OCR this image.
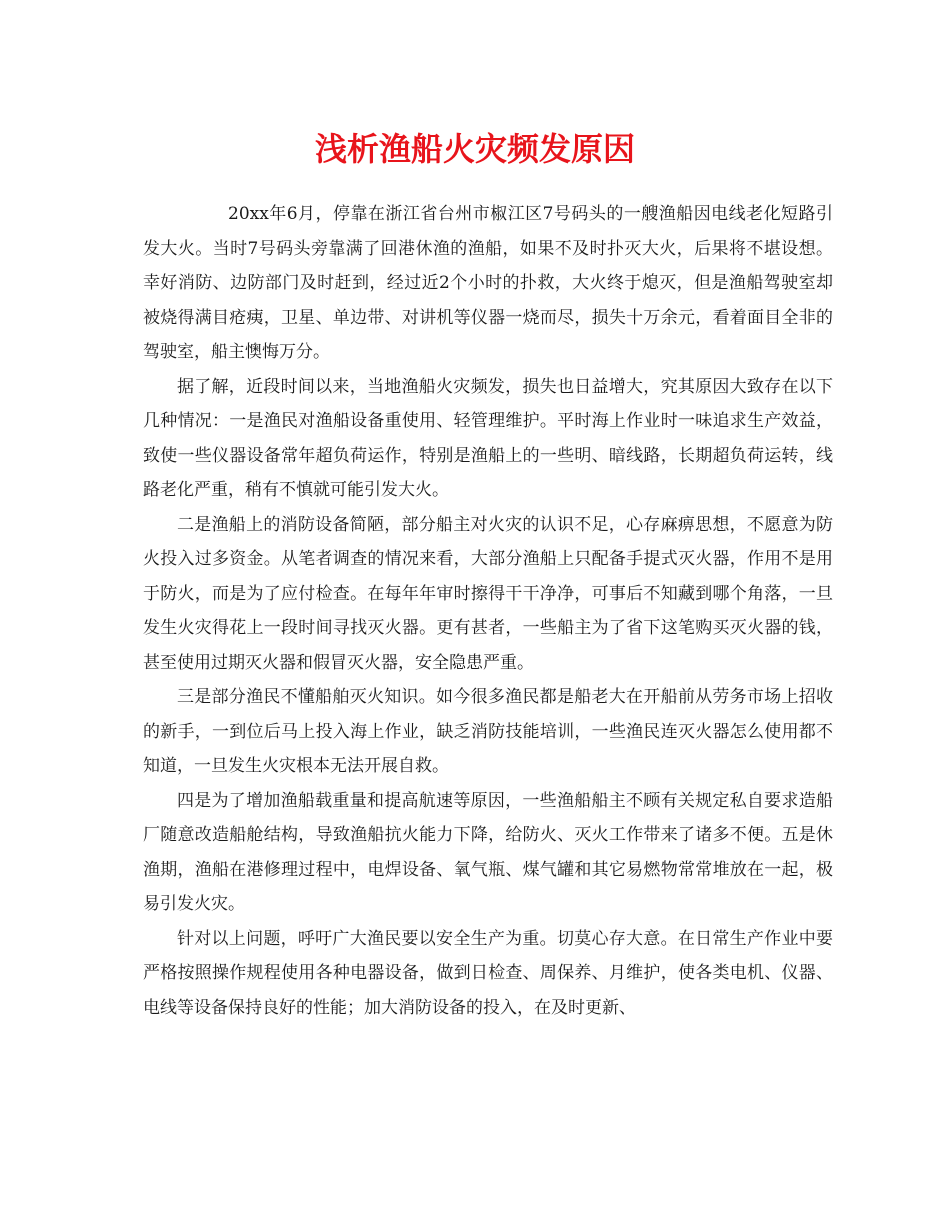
浅析渔船火灾频发原因

20xx年6月，停靠在浙江省台州市椒江区7号码头的一艘渔船因电线老化短路引发大火。当时7号码头旁靠满了回港休渔的渔船，如果不及时扑灭大火，后果将不堪设想。幸好消防、边防部门及时赶到，经过近2个小时的扑救，大火终于熄灭，但是渔船驾驶室却被烧得满目疮痍，卫星、单边带、对讲机等仪器一烧而尽，损失十万余元，看着面目全非的驾驶室，船主懊悔万分。

据了解，近段时间以来，当地渔船火灾频发，损失也日益增大，究其原因大致存在以下几种情况：一是渔民对渔船设备重使用、轻管理维护。平时海上作业时一味追求生产效益，致使一些仪器设备常年超负荷运作，特别是渔船上的一些明、暗线路，长期超负荷运转，线路老化严重，稍有不慎就可能引发大火。

二是渔船上的消防设备简陋，部分船主对火灾的认识不足，心存麻痹思想，不愿意为防火投入过多资金。从笔者调查的情况来看，大部分渔船上只配备手提式灭火器，作用不是用于防火，而是为了应付检查。在每年年审时擦得干干净净，可事后不知藏到哪个角落，一旦发生火灾得花上一段时间寻找灭火器。更有甚者，一些船主为了省下这笔购买灭火器的钱，甚至使用过期灭火器和假冒灭火器，安全隐患严重。

三是部分渔民不懂船舶灭火知识。如今很多渔民都是船老大在开船前从劳务市场上招收的新手，一到位后马上投入海上作业，缺乏消防技能培训，一些渔民连灭火器怎么使用都不知道，一旦发生火灾根本无法开展自救。

四是为了增加渔船载重量和提高航速等原因，一些渔船船主不顾有关规定私自要求造船厂随意改造船舱结构，导致渔船抗火能力下降，给防火、灭火工作带来了诸多不便。五是休渔期，渔船在港修理过程中，电焊设备、氧气瓶、煤气罐和其它易燃物常常堆放在一起，极易引发火灾。

针对以上问题，呼吁广大渔民要以安全生产为重。切莫心存大意。在日常生产作业中要严格按照操作规程使用各种电器设备，做到日检查、周保养、月维护，使各类电机、仪器、电线等设备保持良好的性能；加大消防设备的投入，在及时更新、
